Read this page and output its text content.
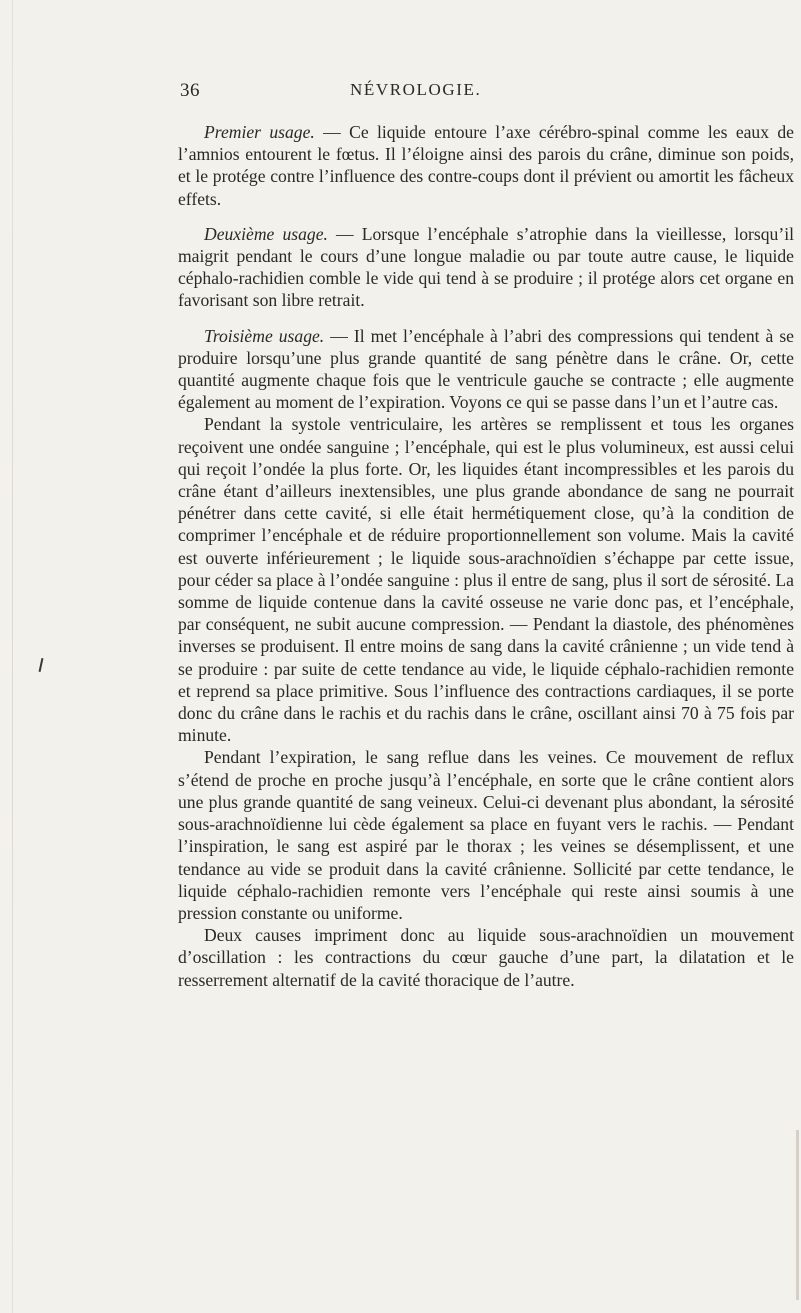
36	NÉVROLOGIE.

Premier usage. — Ce liquide entoure l’axe cérébro-spinal comme les eaux de l’amnios entourent le fœtus. Il l’éloigne ainsi des parois du crâne, diminue son poids, et le protége contre l’influence des contre-coups dont il prévient ou amortit les fâcheux effets.

Deuxième usage. — Lorsque l’encéphale s’atrophie dans la vieillesse, lorsqu’il maigrit pendant le cours d’une longue maladie ou par toute autre cause, le liquide céphalo-rachidien comble le vide qui tend à se produire ; il protége alors cet organe en favorisant son libre retrait.

Troisième usage. — Il met l’encéphale à l’abri des compressions qui tendent à se produire lorsqu’une plus grande quantité de sang pénètre dans le crâne. Or, cette quantité augmente chaque fois que le ventricule gauche se contracte ; elle augmente également au moment de l’expiration. Voyons ce qui se passe dans l’un et l’autre cas.

Pendant la systole ventriculaire, les artères se remplissent et tous les organes reçoivent une ondée sanguine ; l’encéphale, qui est le plus volumineux, est aussi celui qui reçoit l’ondée la plus forte. Or, les liquides étant incompressibles et les parois du crâne étant d’ailleurs inextensibles, une plus grande abondance de sang ne pourrait pénétrer dans cette cavité, si elle était hermétiquement close, qu’à la condition de comprimer l’encéphale et de réduire proportionnellement son volume. Mais la cavité est ouverte inférieurement ; le liquide sous-arachnoïdien s’échappe par cette issue, pour céder sa place à l’ondée sanguine : plus il entre de sang, plus il sort de sérosité. La somme de liquide contenue dans la cavité osseuse ne varie donc pas, et l’encéphale, par conséquent, ne subit aucune compression. — Pendant la diastole, des phénomènes inverses se produisent. Il entre moins de sang dans la cavité crânienne ; un vide tend à se produire : par suite de cette tendance au vide, le liquide céphalo-rachidien remonte et reprend sa place primitive. Sous l’influence des contractions cardiaques, il se porte donc du crâne dans le rachis et du rachis dans le crâne, oscillant ainsi 70 à 75 fois par minute.

Pendant l’expiration, le sang reflue dans les veines. Ce mouvement de reflux s’étend de proche en proche jusqu’à l’encéphale, en sorte que le crâne contient alors une plus grande quantité de sang veineux. Celui-ci devenant plus abondant, la sérosité sous-arachnoïdienne lui cède également sa place en fuyant vers le rachis. — Pendant l’inspiration, le sang est aspiré par le thorax ; les veines se désemplissent, et une tendance au vide se produit dans la cavité crânienne. Sollicité par cette tendance, le liquide céphalo-rachidien remonte vers l’encéphale qui reste ainsi soumis à une pression constante ou uniforme.

Deux causes impriment donc au liquide sous-arachnoïdien un mouvement d’oscillation : les contractions du cœur gauche d’une part, la dilatation et le resserrement alternatif de la cavité thoracique de l’autre.
